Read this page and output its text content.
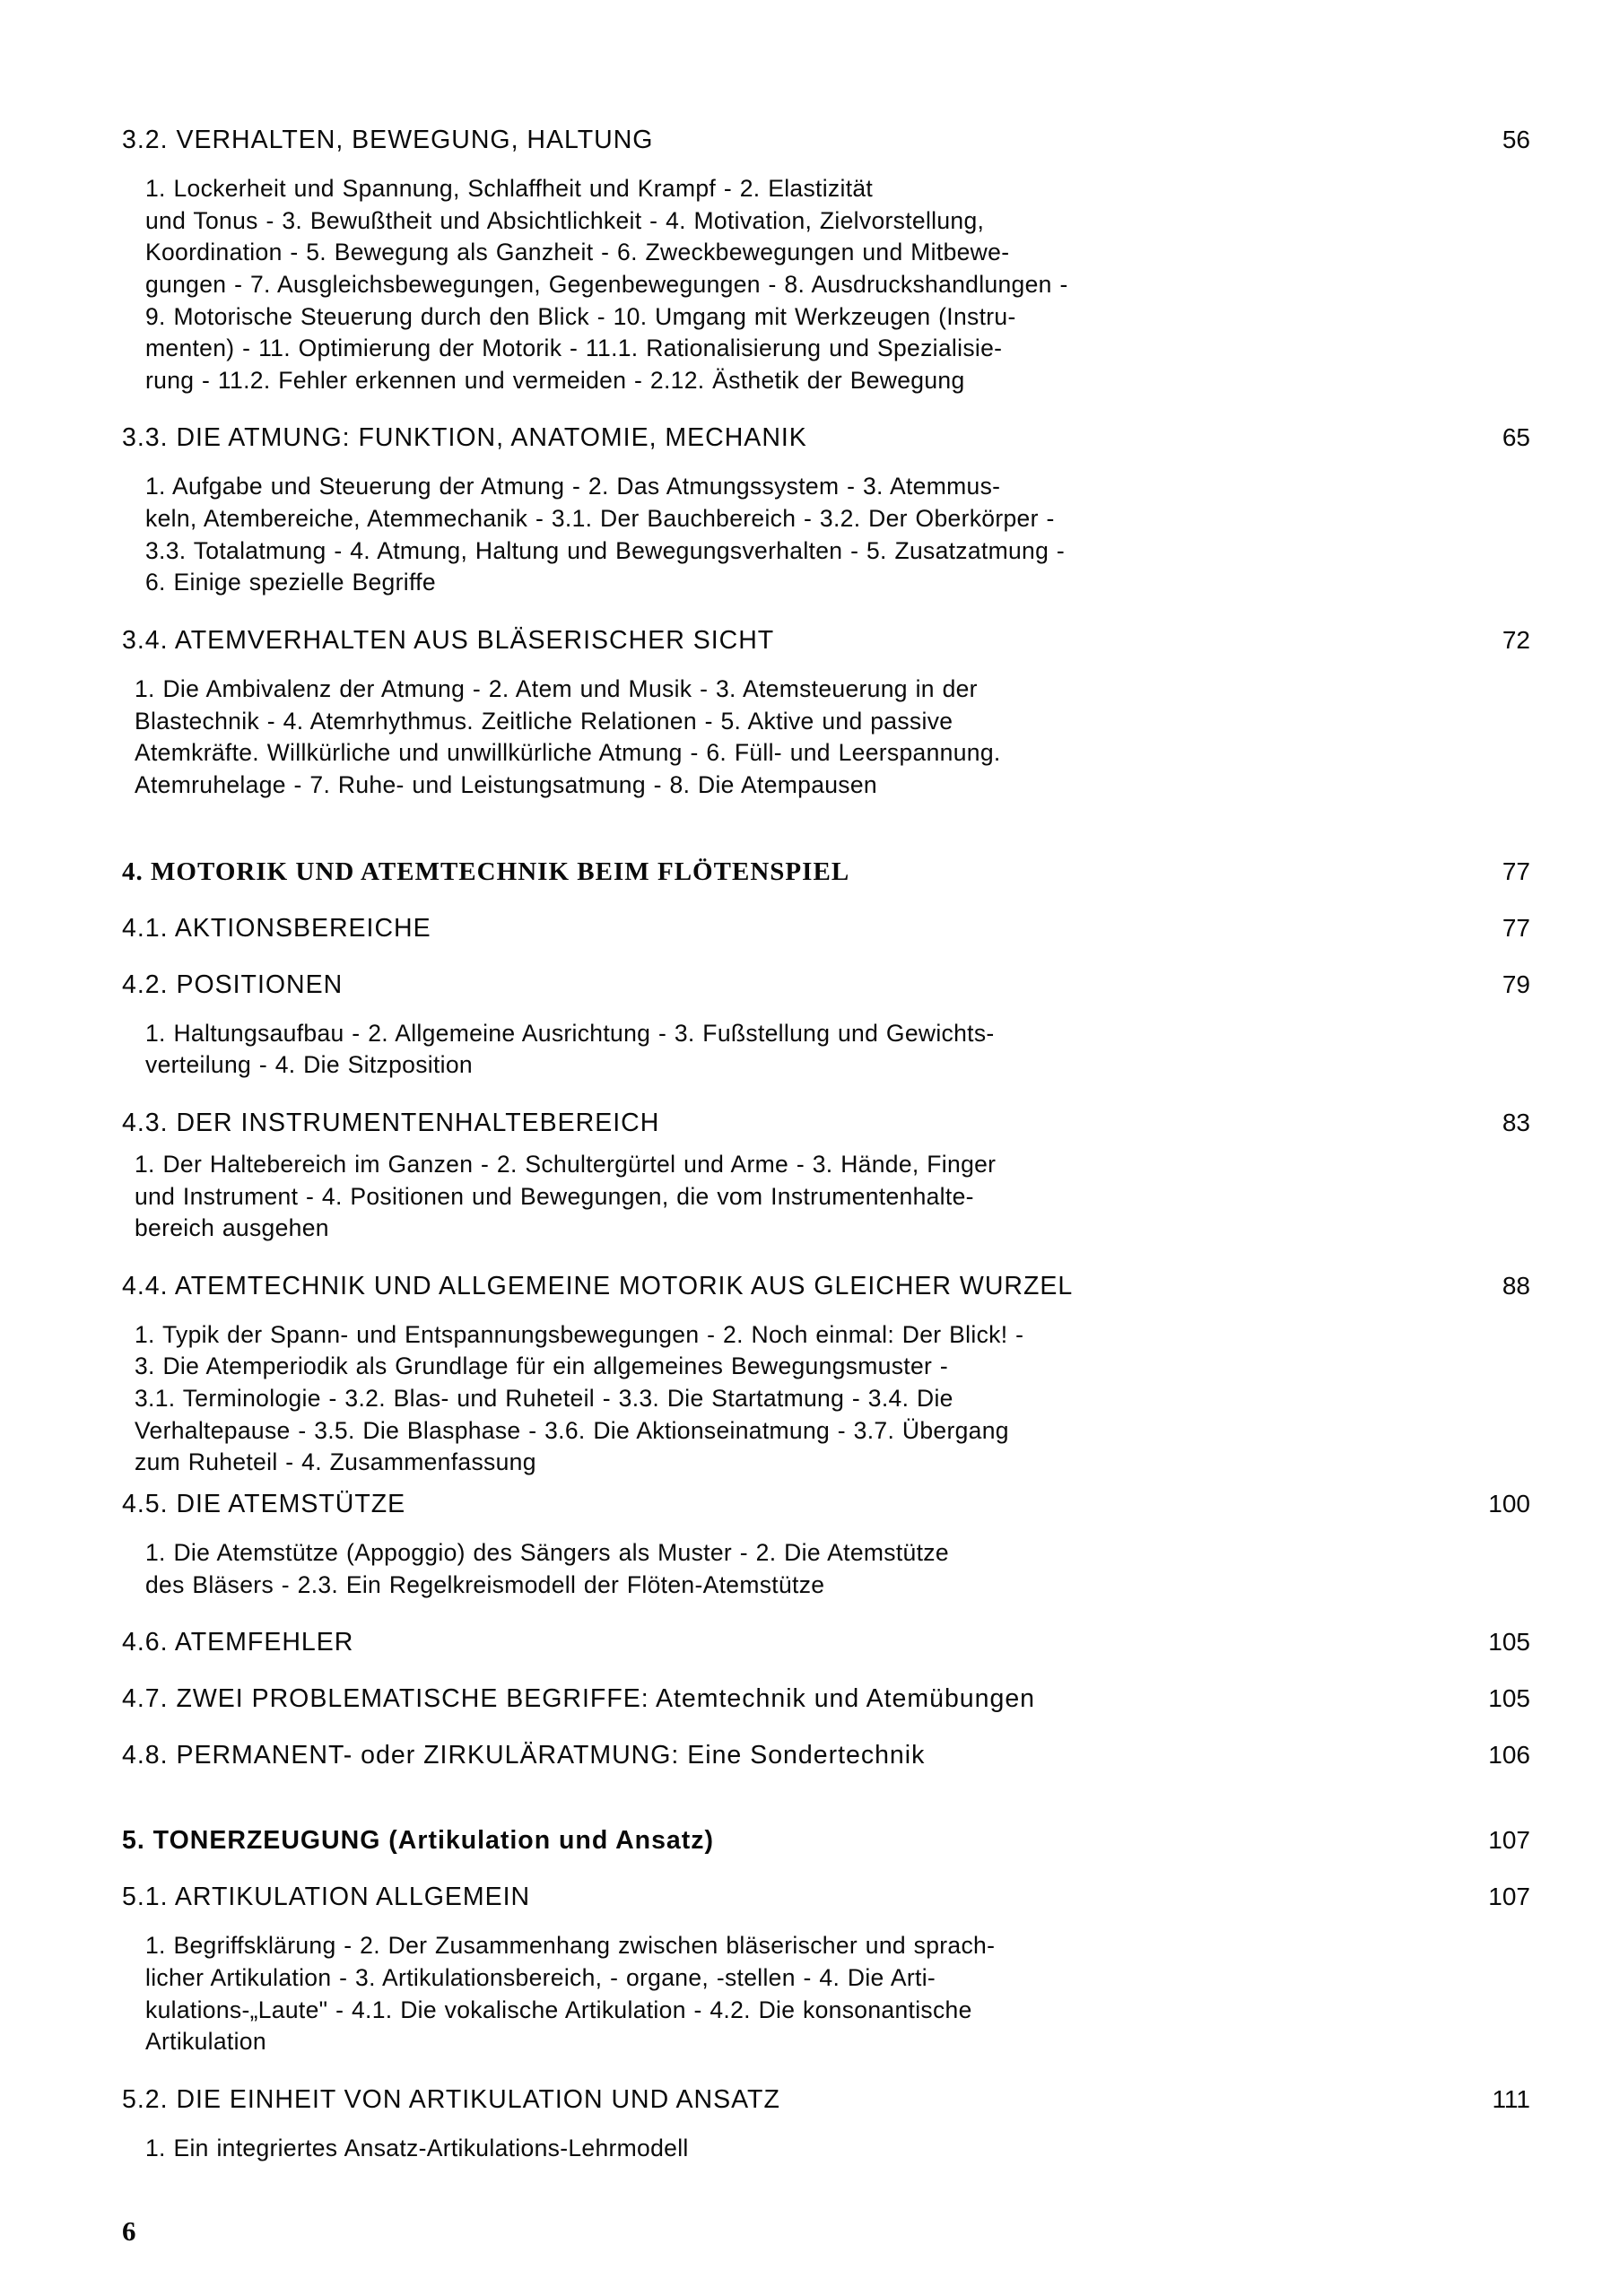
3.2. VERHALTEN, BEWEGUNG, HALTUNG	56
1. Lockerheit und Spannung, Schlaffheit und Krampf - 2. Elastizität
und Tonus - 3. Bewußtheit und Absichtlichkeit - 4. Motivation, Zielvorstellung,
Koordination - 5. Bewegung als Ganzheit - 6. Zweckbewegungen und Mitbewe-
gungen - 7. Ausgleichsbewegungen, Gegenbewegungen - 8. Ausdruckshandlungen -
9. Motorische Steuerung durch den Blick - 10. Umgang mit Werkzeugen (Instru-
menten) - 11. Optimierung der Motorik - 11.1. Rationalisierung und Spezialisie-
rung - 11.2. Fehler erkennen und vermeiden - 2.12. Ästhetik der Bewegung
3.3. DIE ATMUNG: FUNKTION, ANATOMIE, MECHANIK	65
1. Aufgabe und Steuerung der Atmung - 2. Das Atmungssystem - 3. Atemmus-
keln, Atembereiche, Atemmechanik - 3.1. Der Bauchbereich - 3.2. Der Oberkörper -
3.3. Totalatmung - 4. Atmung, Haltung und Bewegungsverhalten - 5. Zusatzatmung -
6. Einige spezielle Begriffe
3.4. ATEMVERHALTEN AUS BLÄSERISCHER SICHT	72
1. Die Ambivalenz der Atmung - 2. Atem und Musik - 3. Atemsteuerung in der
Blastechnik - 4. Atemrhythmus. Zeitliche Relationen - 5. Aktive und passive
Atemkräfte. Willkürliche und unwillkürliche Atmung - 6. Füll- und Leerspannung.
Atemruhelage - 7. Ruhe- und Leistungsatmung - 8. Die Atempausen
4. MOTORIK UND ATEMTECHNIK BEIM FLÖTENSPIEL	77
4.1. AKTIONSBEREICHE	77
4.2. POSITIONEN	79
1. Haltungsaufbau - 2. Allgemeine Ausrichtung - 3. Fußstellung und Gewichts-
verteilung - 4. Die Sitzposition
4.3. DER INSTRUMENTENHALTEBEREICH	83
1. Der Haltebereich im Ganzen - 2. Schultergürtel und Arme - 3. Hände, Finger
und Instrument - 4. Positionen und Bewegungen, die vom Instrumentenhalte-
bereich ausgehen
4.4. ATEMTECHNIK UND ALLGEMEINE MOTORIK AUS GLEICHER WURZEL	88
1. Typik der Spann- und Entspannungsbewegungen - 2. Noch einmal: Der Blick! -
3. Die Atemperiodik als Grundlage für ein allgemeines Bewegungsmuster -
3.1. Terminologie - 3.2. Blas- und Ruheteil - 3.3. Die Startatmung - 3.4. Die
Verhaltepause - 3.5. Die Blasphase - 3.6. Die Aktionseinatmung - 3.7. Übergang
zum Ruheteil - 4. Zusammenfassung
4.5. DIE ATEMSTÜTZE	100
1. Die Atemstütze (Appoggio) des Sängers als Muster - 2. Die Atemstütze
des Bläsers - 2.3. Ein Regelkreismodell der Flöten-Atemstütze
4.6. ATEMFEHLER	105
4.7. ZWEI PROBLEMATISCHE BEGRIFFE: Atemtechnik und Atemübungen	105
4.8. PERMANENT- oder ZIRKULÄRATMUNG: Eine Sondertechnik	106
5. TONERZEUGUNG (Artikulation und Ansatz)	107
5.1. ARTIKULATION ALLGEMEIN	107
1. Begriffsklärung - 2. Der Zusammenhang zwischen bläserischer und sprach-
licher Artikulation - 3. Artikulationsbereich, - organe, -stellen - 4. Die Arti-
kulations-„Laute" - 4.1. Die vokalische Artikulation - 4.2. Die konsonantische
Artikulation
5.2. DIE EINHEIT VON ARTIKULATION UND ANSATZ	111
1. Ein integriertes Ansatz-Artikulations-Lehrmodell
6
